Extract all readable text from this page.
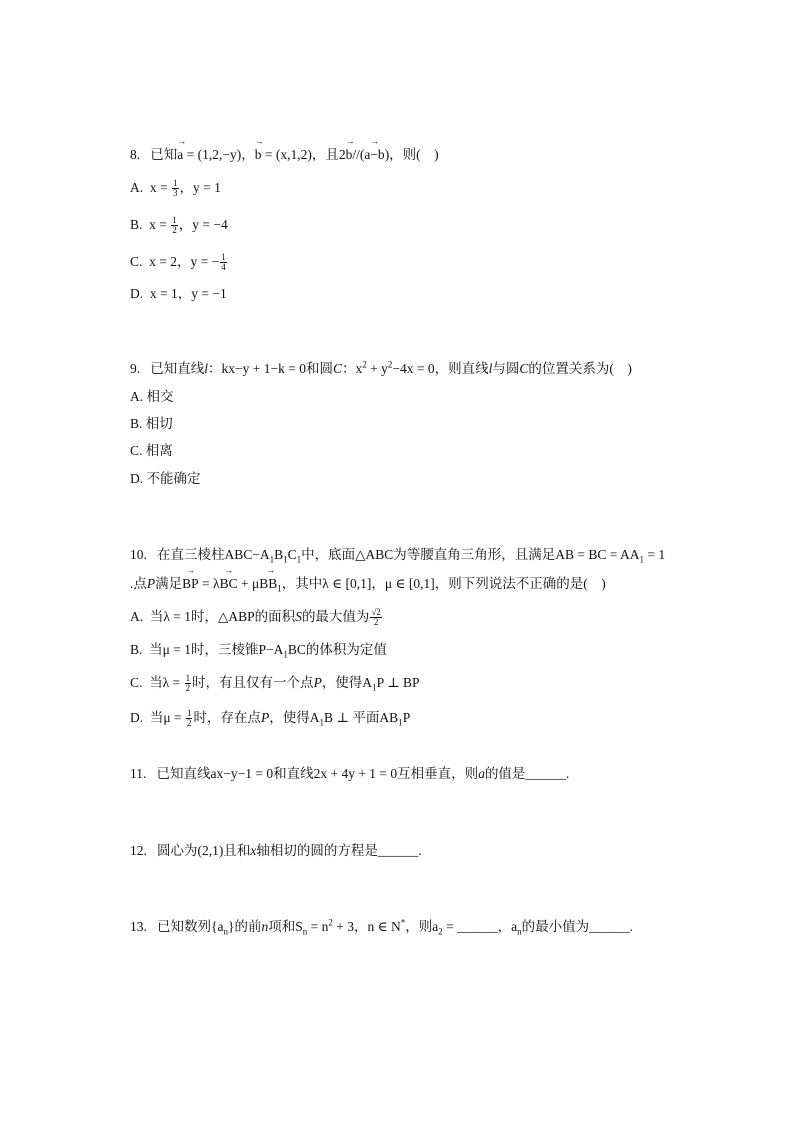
8. 已知→ a = (1,2,−y)，→ b = (x,1,2)，且2→ b//(→ a−b)，则(　)
A. $x = \frac{1}{3}$ ，y = 1
B. $x = \frac{1}{2}$ ，y = −4
C. x = 2，y = − $\frac{1}{4}$
D. x = 1，y = −1
9. 已知直线l：kx−y + 1−k = 0和圆C：$x^2 + y^2-4x = 0$，则直线l与圆C的位置关系为(　)
A. 相交
B. 相切
C. 相离
D. 不能确定
10. 在直三棱柱$ABC-A_1B_1C_1$中，底面△ABC为等腰直角三角形，且满足AB = BC = $AA_1 = 1$
.点P满足→ BP = λ→ BC + $\mu\to BB_1$，其中λ ∈ [0,1]，μ ∈ [0,1]，则下列说法不正确的是(　)
A. 当λ = 1时，△ABP的面积S的最大值为 $\frac{√2}{2}$
B. 当μ = 1时，三棱锥$P-A_1BC$的体积为定值
C. 当$\lambda = \frac{1}{2}$ 时，有且仅有一个点P，使得$A_1P$ ⊥ BP
D. 当$\mu = \frac{1}{2}$ 时，存在点P，使得$A_1B$ ⊥ 平面$AB_1P$
11. 已知直线ax−y−1 = 0和直线2x + 4y + 1 = 0互相垂直，则a的值是______.
12. 圆心为(2,1)且和x轴相切的圆的方程是______.
13. 已知数列$\{a_n\}$的前n项和$S_n = n^2 + 3$，n ∈ N*，则$a_2$ = ______，$a_n$的最小值为______.
